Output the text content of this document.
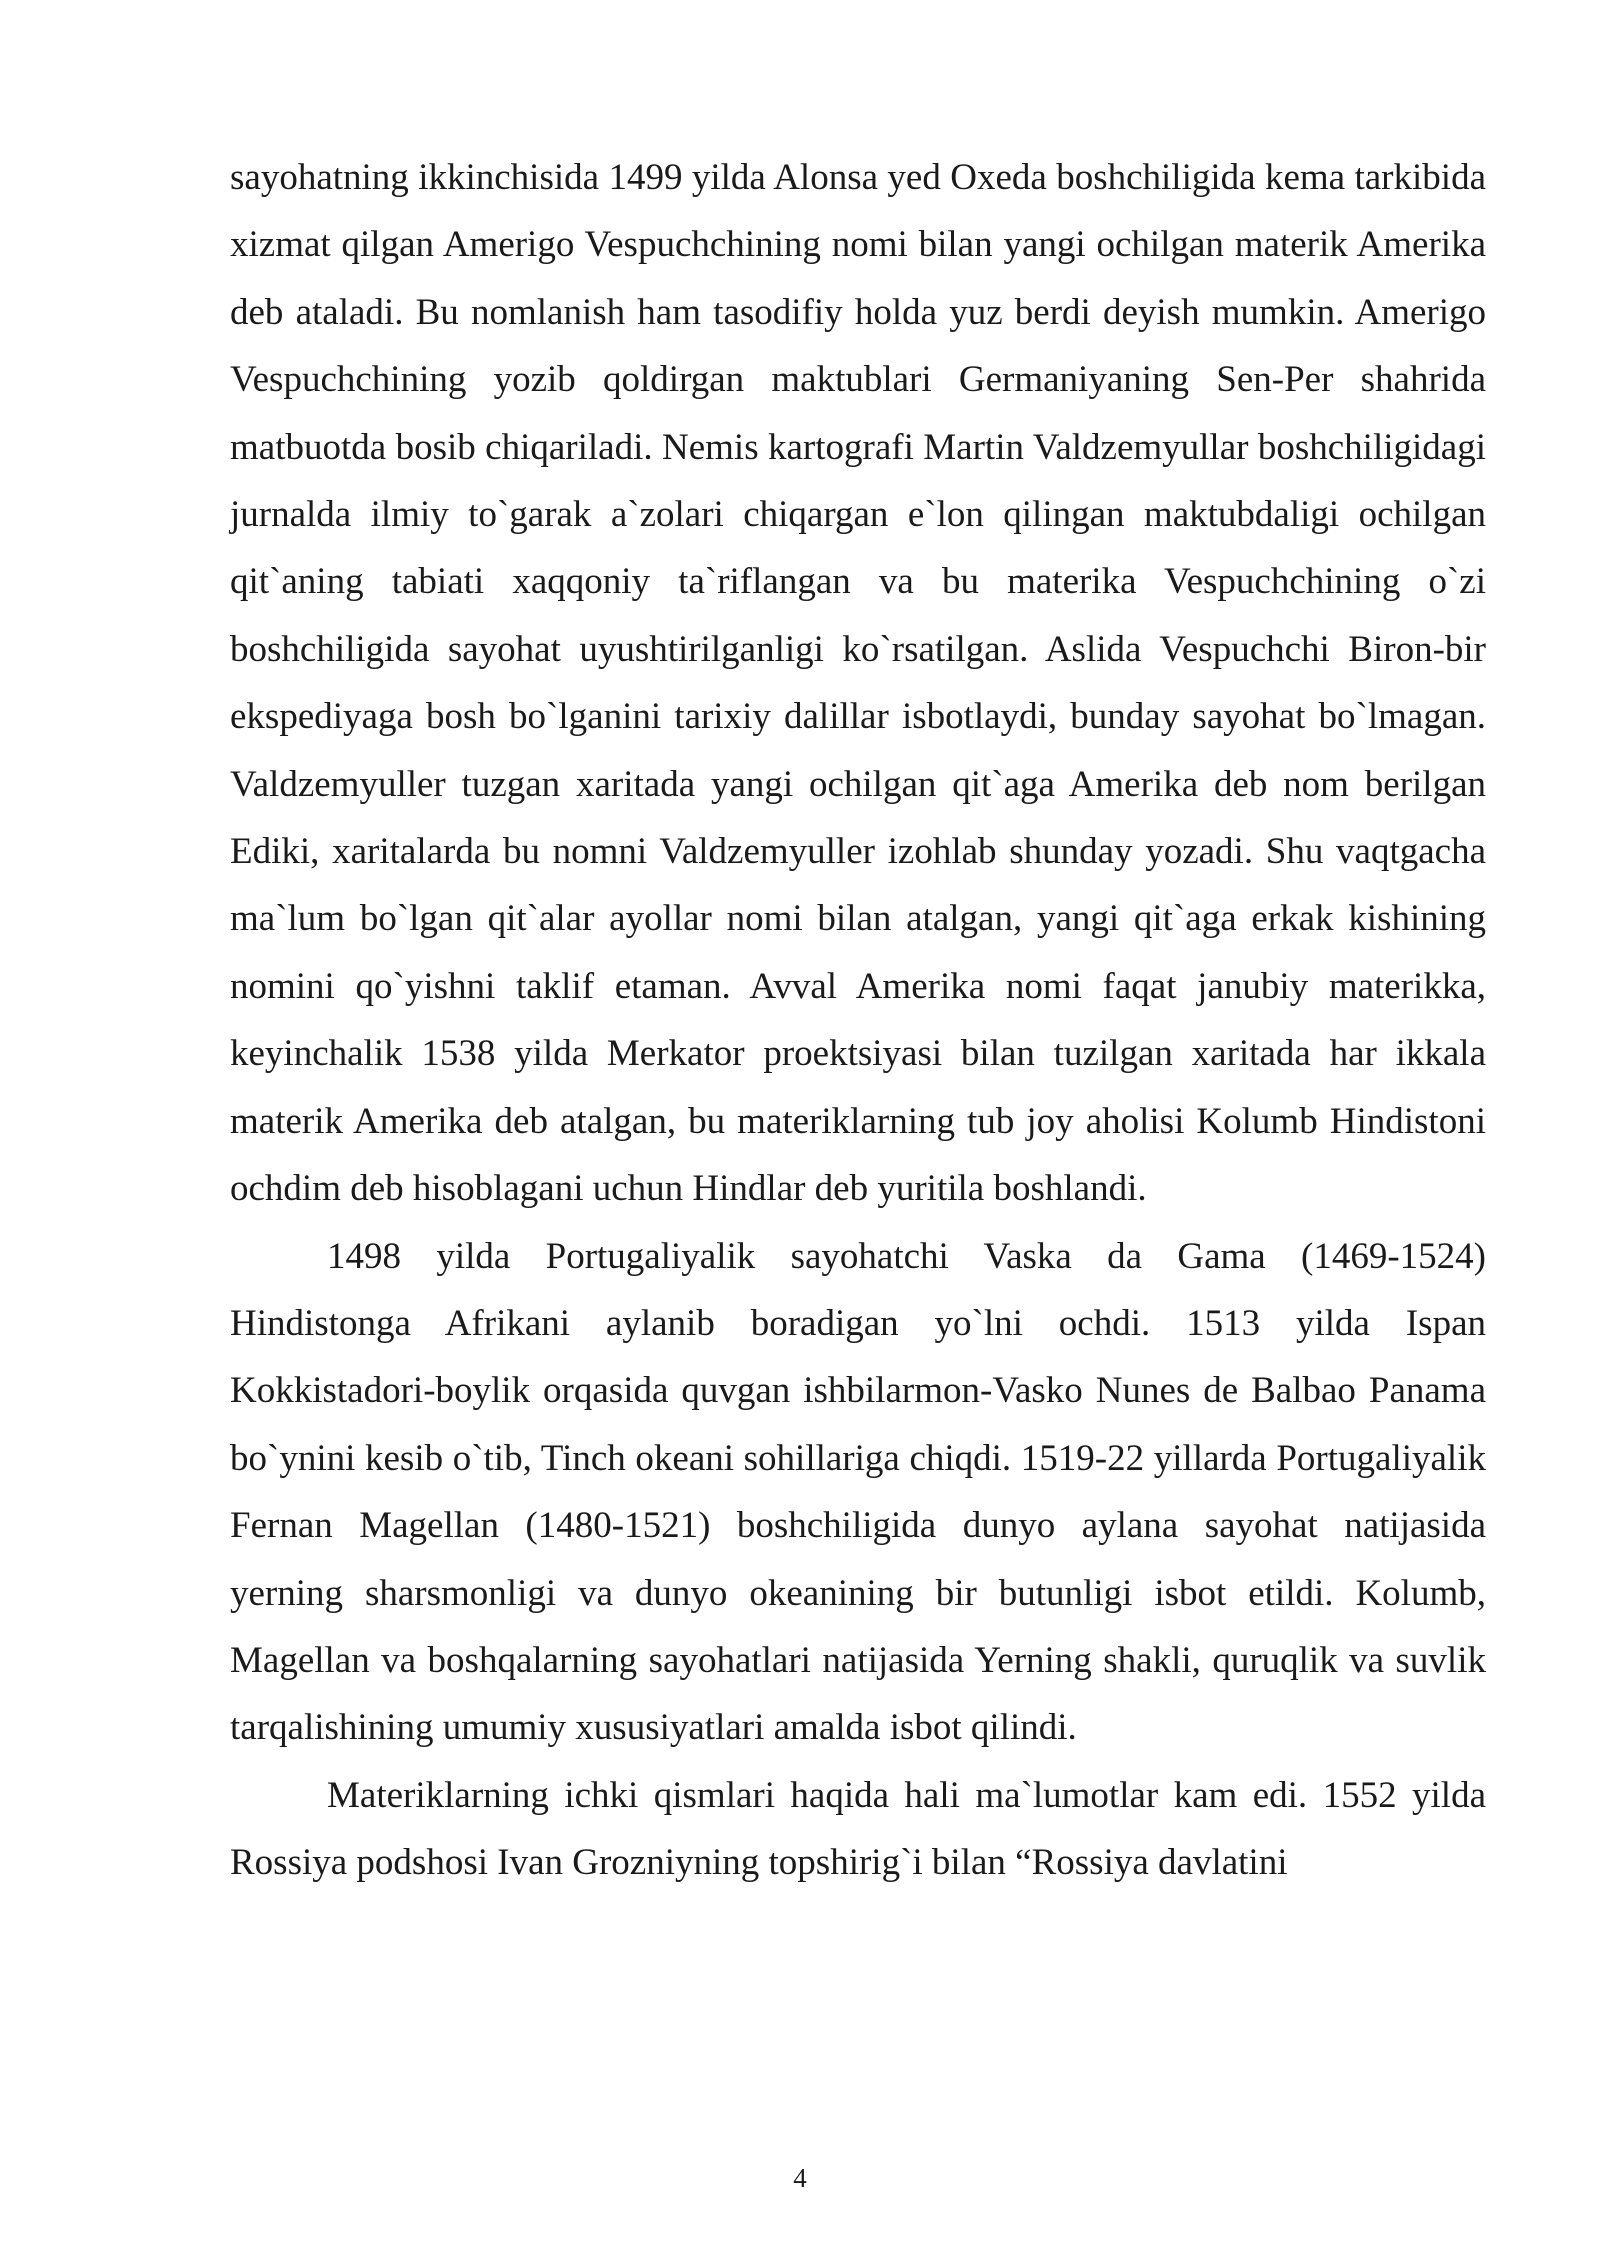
sayohatning ikkinchisida 1499 yilda Alonsa yed Oxeda boshchiligida kema tarkibida xizmat qilgan Amerigo Vespuchchining nomi bilan yangi ochilgan materik Amerika deb ataladi. Bu nomlanish ham tasodifiy holda yuz berdi deyish mumkin. Amerigo Vespuchchining yozib qoldirgan maktublari Germaniyaning Sen-Per shahrida matbuotda bosib chiqariladi. Nemis kartografi Martin Valdzemyullar boshchiligidagi jurnalda ilmiy to`garak a`zolari chiqargan e`lon qilingan maktubdaligi ochilgan qit`aning tabiati xaqqoniy ta`riflangan va bu materika Vespuchchining o`zi boshchiligida sayohat uyushtirilganligi ko`rsatilgan. Aslida Vespuchchi Biron-bir ekspediyaga bosh bo`lganini tarixiy dalillar isbotlaydi, bunday sayohat bo`lmagan. Valdzemyuller tuzgan xaritada yangi ochilgan qit`aga Amerika deb nom berilgan Ediki, xaritalarda bu nomni Valdzemyuller izohlab shunday yozadi. Shu vaqtgacha ma`lum bo`lgan qit`alar ayollar nomi bilan atalgan, yangi qit`aga erkak kishining nomini qo`yishni taklif etaman. Avval Amerika nomi faqat janubiy materikka, keyinchalik 1538 yilda Merkator proektsiyasi bilan tuzilgan xaritada har ikkala materik Amerika deb atalgan, bu materiklarning tub joy aholisi Kolumb Hindistoni ochdim deb hisoblagani uchun Hindlar deb yuritila boshlandi.

1498 yilda Portugaliyalik sayohatchi Vaska da Gama (1469-1524) Hindistonga Afrikani aylanib boradigan yo`lni ochdi. 1513 yilda Ispan Kokkistadori-boylik orqasida quvgan ishbilarmon-Vasko Nunes de Balbao Panama bo`ynini kesib o`tib, Tinch okeani sohillariga chiqdi. 1519-22 yillarda Portugaliyalik Fernan Magellan (1480-1521) boshchiligida dunyo aylana sayohat natijasida yerning sharsmonligi va dunyo okeanining bir butunligi isbot etildi. Kolumb, Magellan va boshqalarning sayohatlari natijasida Yerning shakli, quruqlik va suvlik tarqalishining umumiy xususiyatlari amalda isbot qilindi.

Materiklarning ichki qismlari haqida hali ma`lumotlar kam edi. 1552 yilda Rossiya podshosi Ivan Grozniyning topshirig`i bilan “Rossiya davlatini

4
